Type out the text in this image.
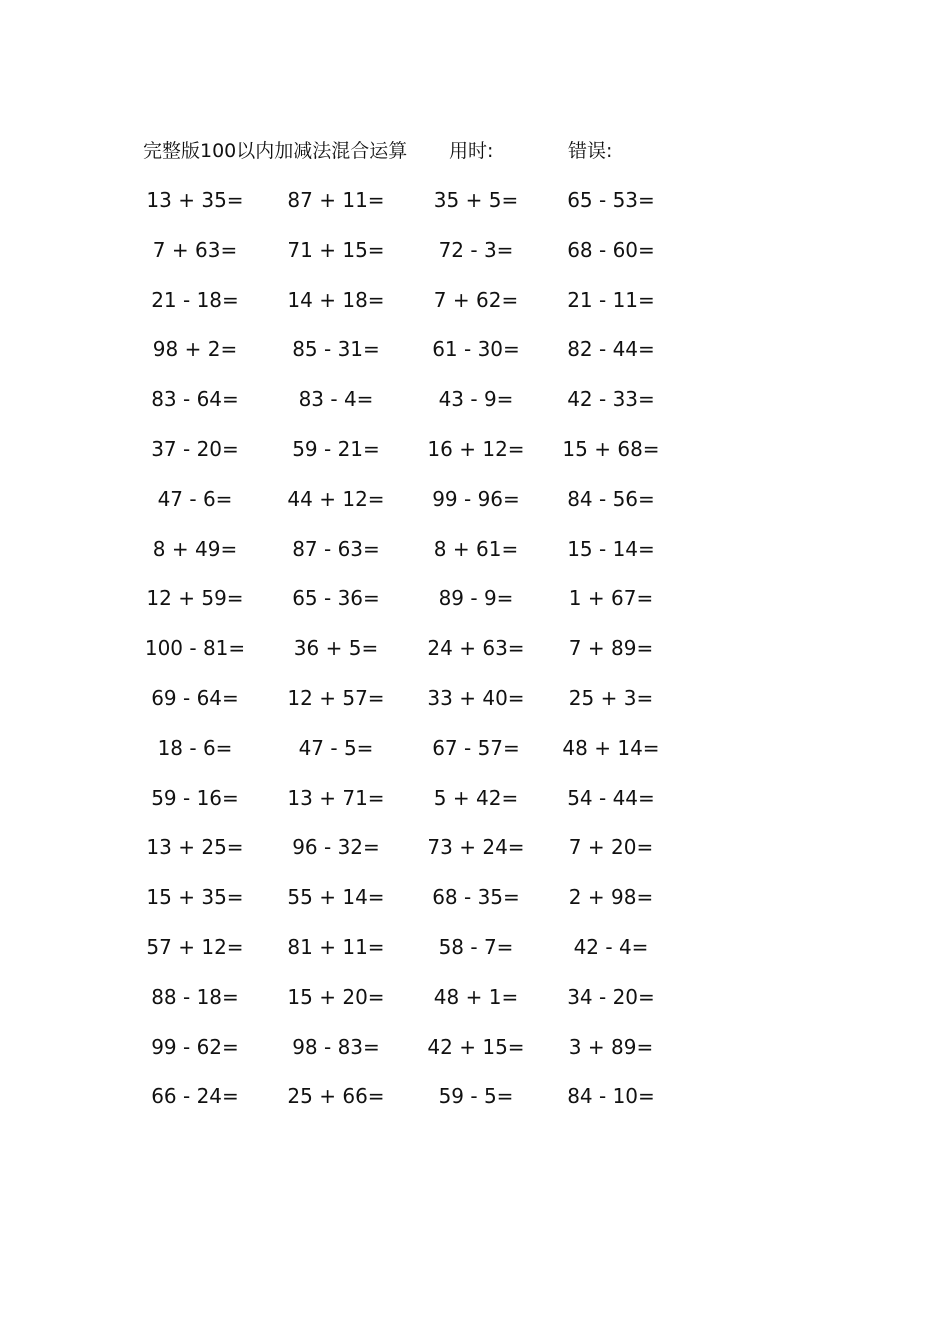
完整版100以内加减法混合运算 用时:	错误:
13 + 35=	87 + 11=	35 + 5=	65 - 53=
7 + 63=	71 + 15=	72 - 3=	68 - 60=
21 - 18=	14 + 18=	7 + 62=	21 - 11=
98 + 2=	85 - 31=	61 - 30=	82 - 44=
83 - 64=	83 - 4=	43 - 9=	42 - 33=
37 - 20=	59 - 21=	16 + 12=	15 + 68=
47 - 6=	44 + 12=	99 - 96=	84 - 56=
8 + 49=	87 - 63=	8 + 61=	15 - 14=
12 + 59=	65 - 36=	89 - 9=	1 + 67=
100 - 81=	36 + 5=	24 + 63=	7 + 89=
69 - 64=	12 + 57=	33 + 40=	25 + 3=
18 - 6=	47 - 5=	67 - 57=	48 + 14=
59 - 16=	13 + 71=	5 + 42=	54 - 44=
13 + 25=	96 - 32=	73 + 24=	7 + 20=
15 + 35=	55 + 14=	68 - 35=	2 + 98=
57 + 12=	81 + 11=	58 - 7=	42 - 4=
88 - 18=	15 + 20=	48 + 1=	34 - 20=
99 - 62=	98 - 83=	42 + 15=	3 + 89=
66 - 24=	25 + 66=	59 - 5=	84 - 10=
